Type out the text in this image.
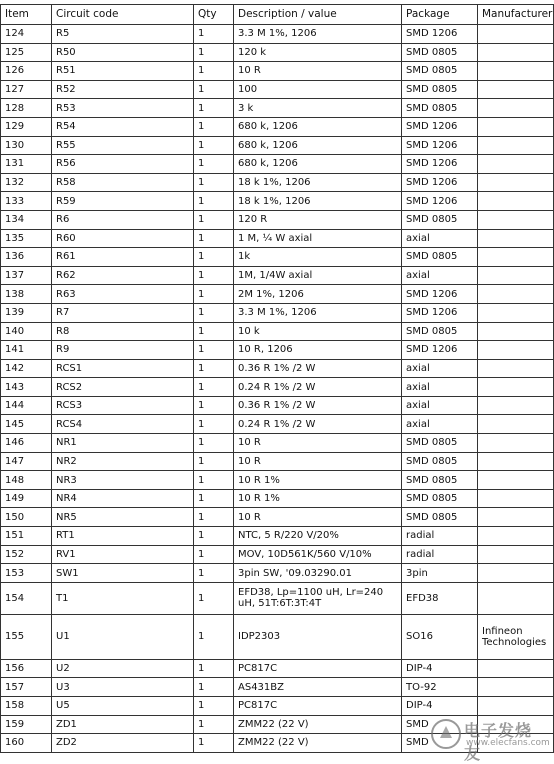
Item	Circuit code	Qty	Description / value	Package	Manufacturer
124	R5	1	3.3 M 1%, 1206	SMD 1206	
125	R50	1	120 k	SMD 0805	
126	R51	1	10 R	SMD 0805	
127	R52	1	100	SMD 0805	
128	R53	1	3 k	SMD 0805	
129	R54	1	680 k, 1206	SMD 1206	
130	R55	1	680 k, 1206	SMD 1206	
131	R56	1	680 k, 1206	SMD 1206	
132	R58	1	18 k 1%, 1206	SMD 1206	
133	R59	1	18 k 1%, 1206	SMD 1206	
134	R6	1	120 R	SMD 0805	
135	R60	1	1 M, ¼ W axial	axial	
136	R61	1	1k	SMD 0805	
137	R62	1	1M, 1/4W axial	axial	
138	R63	1	2M 1%, 1206	SMD 1206	
139	R7	1	3.3 M 1%, 1206	SMD 1206	
140	R8	1	10 k	SMD 0805	
141	R9	1	10 R, 1206	SMD 1206	
142	RCS1	1	0.36 R 1% /2 W	axial	
143	RCS2	1	0.24 R 1% /2 W	axial	
144	RCS3	1	0.36 R 1% /2 W	axial	
145	RCS4	1	0.24 R 1% /2 W	axial	
146	NR1	1	10 R	SMD 0805	
147	NR2	1	10 R	SMD 0805	
148	NR3	1	10 R 1%	SMD 0805	
149	NR4	1	10 R 1%	SMD 0805	
150	NR5	1	10 R	SMD 0805	
151	RT1	1	NTC, 5 R/220 V/20%	radial	
152	RV1	1	MOV, 10D561K/560 V/10%	radial	
153	SW1	1	3pin SW, '09.03290.01	3pin	
154	T1	1	EFD38, Lp=1100 uH, Lr=240 uH, 51T:6T:3T:4T	EFD38	
155	U1	1	IDP2303	SO16	Infineon Technologies
156	U2	1	PC817C	DIP-4	
157	U3	1	AS431BZ	TO-92	
158	U5	1	PC817C	DIP-4	
159	ZD1	1	ZMM22 (22 V)	SMD	
160	ZD2	1	ZMM22 (22 V)	SMD	
电子发烧友
www.elecfans.com
